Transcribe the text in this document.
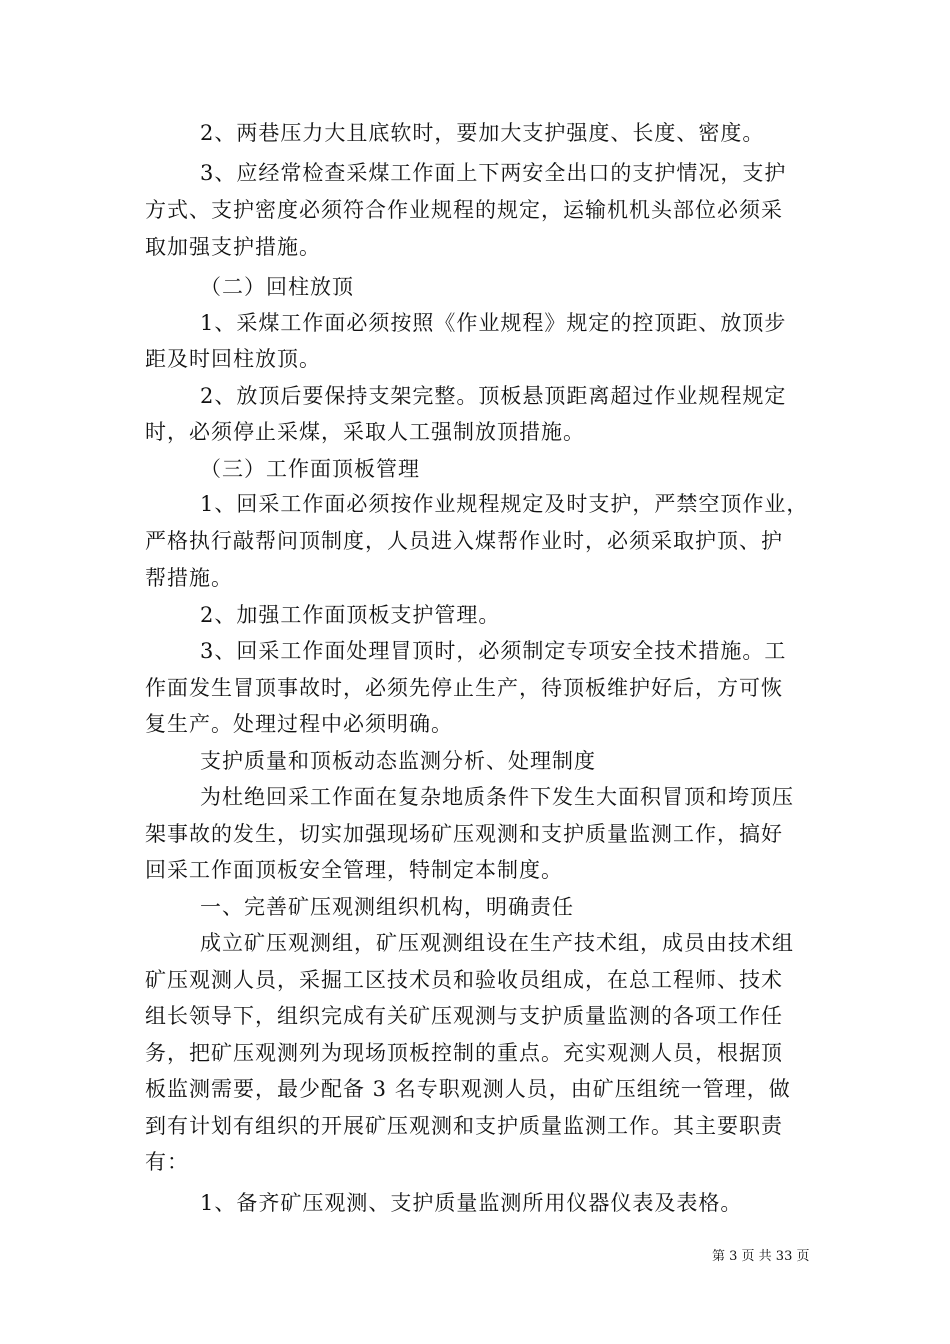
2、两巷压力大且底软时，要加大支护强度、长度、密度。
3、应经常检查采煤工作面上下两安全出口的支护情况，支护
方式、支护密度必须符合作业规程的规定，运输机机头部位必须采
取加强支护措施。
（二）回柱放顶
1、采煤工作面必须按照《作业规程》规定的控顶距、放顶步
距及时回柱放顶。
2、放顶后要保持支架完整。顶板悬顶距离超过作业规程规定
时，必须停止采煤，采取人工强制放顶措施。
（三）工作面顶板管理
1、回采工作面必须按作业规程规定及时支护，严禁空顶作业，
严格执行敲帮问顶制度，人员进入煤帮作业时，必须采取护顶、护
帮措施。
2、加强工作面顶板支护管理。
3、回采工作面处理冒顶时，必须制定专项安全技术措施。工
作面发生冒顶事故时，必须先停止生产，待顶板维护好后，方可恢
复生产。处理过程中必须明确。
支护质量和顶板动态监测分析、处理制度
为杜绝回采工作面在复杂地质条件下发生大面积冒顶和垮顶压
架事故的发生，切实加强现场矿压观测和支护质量监测工作，搞好
回采工作面顶板安全管理，特制定本制度。
一、完善矿压观测组织机构，明确责任
成立矿压观测组，矿压观测组设在生产技术组，成员由技术组
矿压观测人员，采掘工区技术员和验收员组成，在总工程师、技术
组长领导下，组织完成有关矿压观测与支护质量监测的各项工作任
务，把矿压观测列为现场顶板控制的重点。充实观测人员，根据顶
板监测需要，最少配备 3 名专职观测人员，由矿压组统一管理，做
到有计划有组织的开展矿压观测和支护质量监测工作。其主要职责
有：
1、备齐矿压观测、支护质量监测所用仪器仪表及表格。
第 3 页 共 33 页
